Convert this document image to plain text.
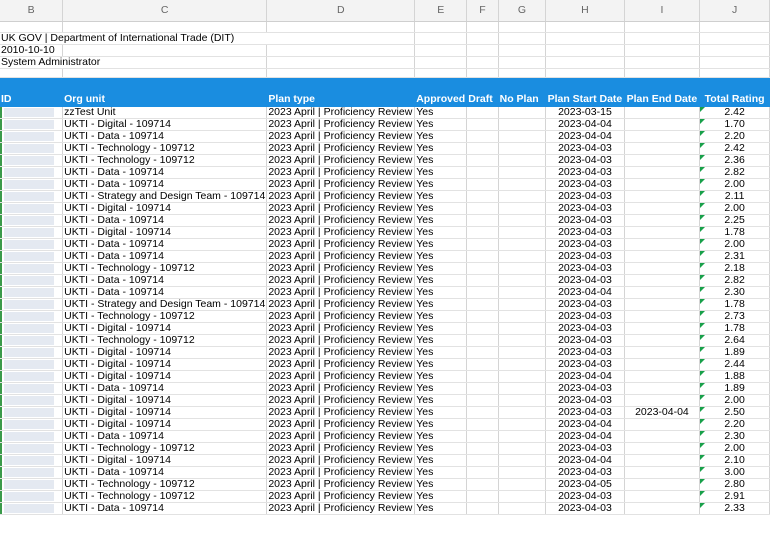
B	C	D	E	F	G	H	I	J

UK GOV | Department of International Trade (DIT)								
2010-10-10								
System Administrator								

ID	Org unit	Plan type	Approved	Draft	No Plan	Plan Start Date	Plan End Date	Total Rating

	zzTest Unit	2023 April | Proficiency Review	Yes			2023-03-15		2.42

	UKTI - Digital - 109714	2023 April | Proficiency Review	Yes			2023-04-04		1.70

	UKTI - Data - 109714	2023 April | Proficiency Review	Yes			2023-04-04		2.20

	UKTI - Technology - 109712	2023 April | Proficiency Review	Yes			2023-04-03		2.42

	UKTI - Technology - 109712	2023 April | Proficiency Review	Yes			2023-04-03		2.36

	UKTI - Data - 109714	2023 April | Proficiency Review	Yes			2023-04-03		2.82

	UKTI - Data - 109714	2023 April | Proficiency Review	Yes			2023-04-03		2.00

	UKTI - Strategy and Design Team - 109714	2023 April | Proficiency Review	Yes			2023-04-03		2.11

	UKTI - Digital - 109714	2023 April | Proficiency Review	Yes			2023-04-03		2.00

	UKTI - Data - 109714	2023 April | Proficiency Review	Yes			2023-04-03		2.25

	UKTI - Digital - 109714	2023 April | Proficiency Review	Yes			2023-04-03		1.78

	UKTI - Data - 109714	2023 April | Proficiency Review	Yes			2023-04-03		2.00

	UKTI - Data - 109714	2023 April | Proficiency Review	Yes			2023-04-03		2.31

	UKTI - Technology - 109712	2023 April | Proficiency Review	Yes			2023-04-03		2.18

	UKTI - Data - 109714	2023 April | Proficiency Review	Yes			2023-04-03		2.82

	UKTI - Data - 109714	2023 April | Proficiency Review	Yes			2023-04-04		2.30

	UKTI - Strategy and Design Team - 109714	2023 April | Proficiency Review	Yes			2023-04-03		1.78

	UKTI - Technology - 109712	2023 April | Proficiency Review	Yes			2023-04-03		2.73

	UKTI - Digital - 109714	2023 April | Proficiency Review	Yes			2023-04-03		1.78

	UKTI - Technology - 109712	2023 April | Proficiency Review	Yes			2023-04-03		2.64

	UKTI - Digital - 109714	2023 April | Proficiency Review	Yes			2023-04-03		1.89

	UKTI - Digital - 109714	2023 April | Proficiency Review	Yes			2023-04-03		2.44

	UKTI - Digital - 109714	2023 April | Proficiency Review	Yes			2023-04-04		1.88

	UKTI - Data - 109714	2023 April | Proficiency Review	Yes			2023-04-03		1.89

	UKTI - Digital - 109714	2023 April | Proficiency Review	Yes			2023-04-03		2.00

	UKTI - Digital - 109714	2023 April | Proficiency Review	Yes			2023-04-03	2023-04-04	2.50

	UKTI - Digital - 109714	2023 April | Proficiency Review	Yes			2023-04-04		2.20

	UKTI - Data - 109714	2023 April | Proficiency Review	Yes			2023-04-04		2.30

	UKTI - Technology - 109712	2023 April | Proficiency Review	Yes			2023-04-03		2.00

	UKTI - Digital - 109714	2023 April | Proficiency Review	Yes			2023-04-04		2.10

	UKTI - Data - 109714	2023 April | Proficiency Review	Yes			2023-04-03		3.00

	UKTI - Technology - 109712	2023 April | Proficiency Review	Yes			2023-04-05		2.80

	UKTI - Technology - 109712	2023 April | Proficiency Review	Yes			2023-04-03		2.91

	UKTI - Data - 109714	2023 April | Proficiency Review	Yes			2023-04-03		2.33
